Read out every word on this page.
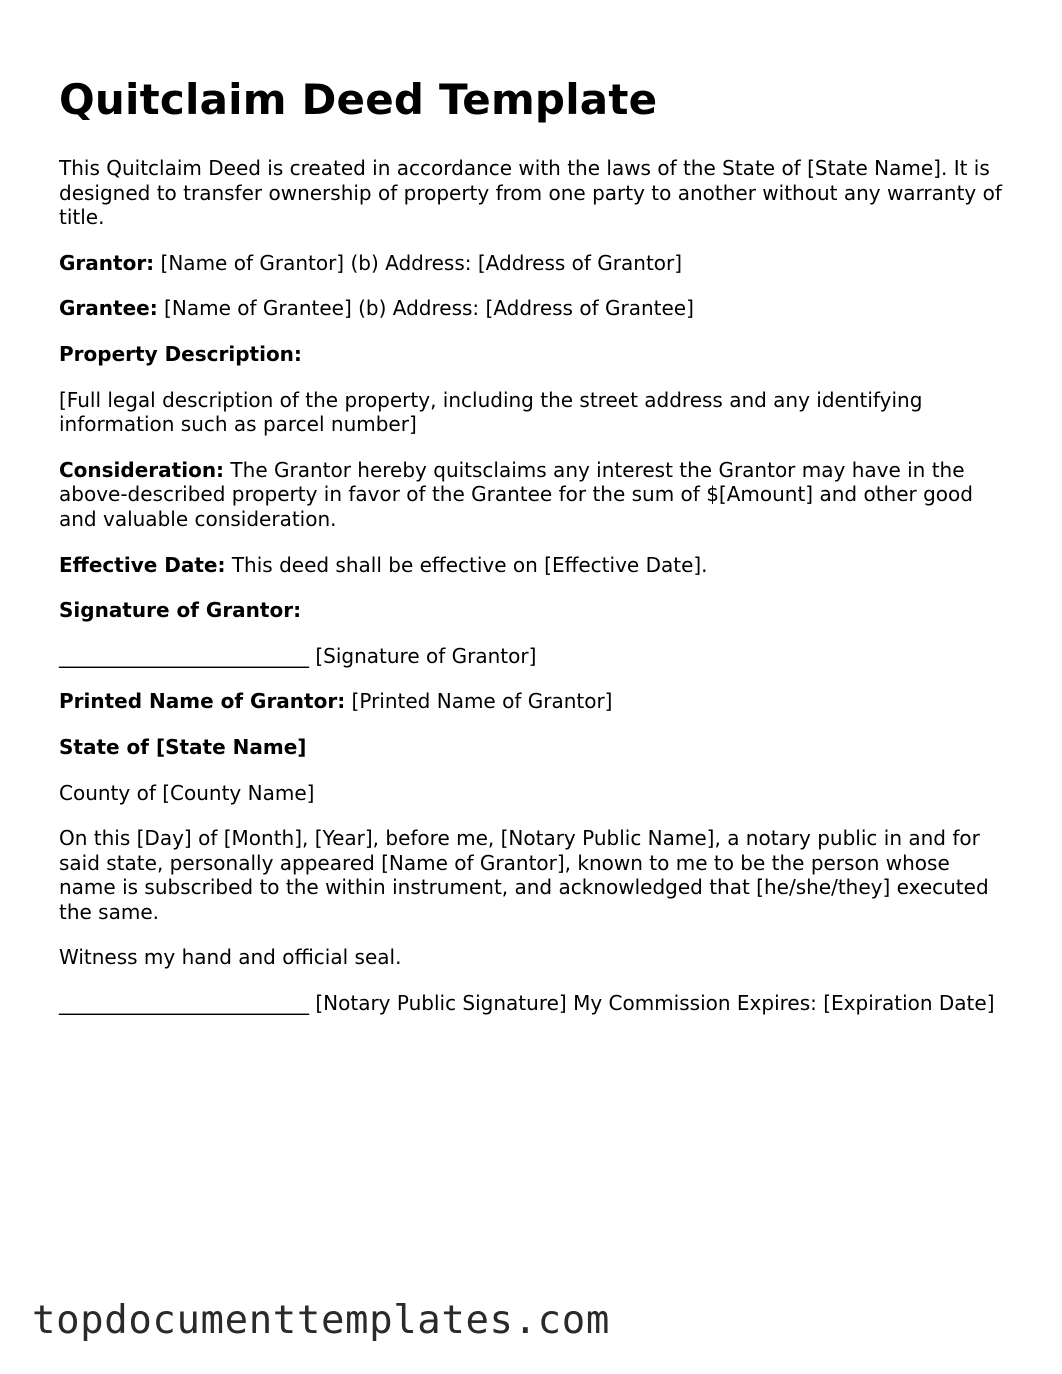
Quitclaim Deed Template

This Quitclaim Deed is created in accordance with the laws of the State of [State Name]. It is designed to transfer ownership of property from one party to another without any warranty of title.

Grantor: [Name of Grantor] (b) Address: [Address of Grantor]

Grantee: [Name of Grantee] (b) Address: [Address of Grantee]

Property Description:

[Full legal description of the property, including the street address and any identifying information such as parcel number]

Consideration: The Grantor hereby quitsclaims any interest the Grantor may have in the above-described property in favor of the Grantee for the sum of $[Amount] and other good and valuable consideration.

Effective Date: This deed shall be effective on [Effective Date].

Signature of Grantor:

_________________________ [Signature of Grantor]

Printed Name of Grantor: [Printed Name of Grantor]

State of [State Name]

County of [County Name]

On this [Day] of [Month], [Year], before me, [Notary Public Name], a notary public in and for said state, personally appeared [Name of Grantor], known to me to be the person whose name is subscribed to the within instrument, and acknowledged that [he/she/they] executed the same.

Witness my hand and official seal.

_________________________ [Notary Public Signature] My Commission Expires: [Expiration Date]

topdocumenttemplates.com
